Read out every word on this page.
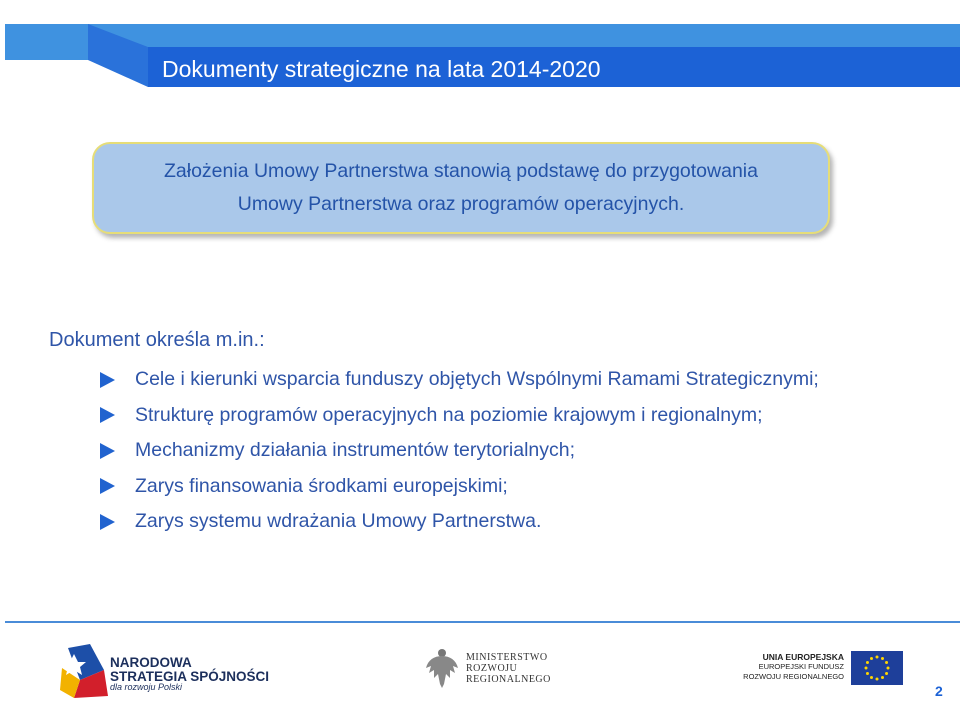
Dokumenty strategiczne na lata 2014-2020
Założenia Umowy Partnerstwa stanowią podstawę do przygotowania
Umowy Partnerstwa oraz programów operacyjnych.
Dokument określa m.in.:
Cele i kierunki wsparcia funduszy objętych Wspólnymi Ramami Strategicznymi;
Strukturę programów operacyjnych na poziomie krajowym i regionalnym;
Mechanizmy działania instrumentów terytorialnych;
Zarys finansowania środkami europejskimi;
Zarys systemu wdrażania Umowy Partnerstwa.
NARODOWA
STRATEGIA SPÓJNOŚCI
dla rozwoju Polski
MINISTERSTWO
ROZWOJU
REGIONALNEGO
UNIA EUROPEJSKA
EUROPEJSKI FUNDUSZ
ROZWOJU REGIONALNEGO
2
